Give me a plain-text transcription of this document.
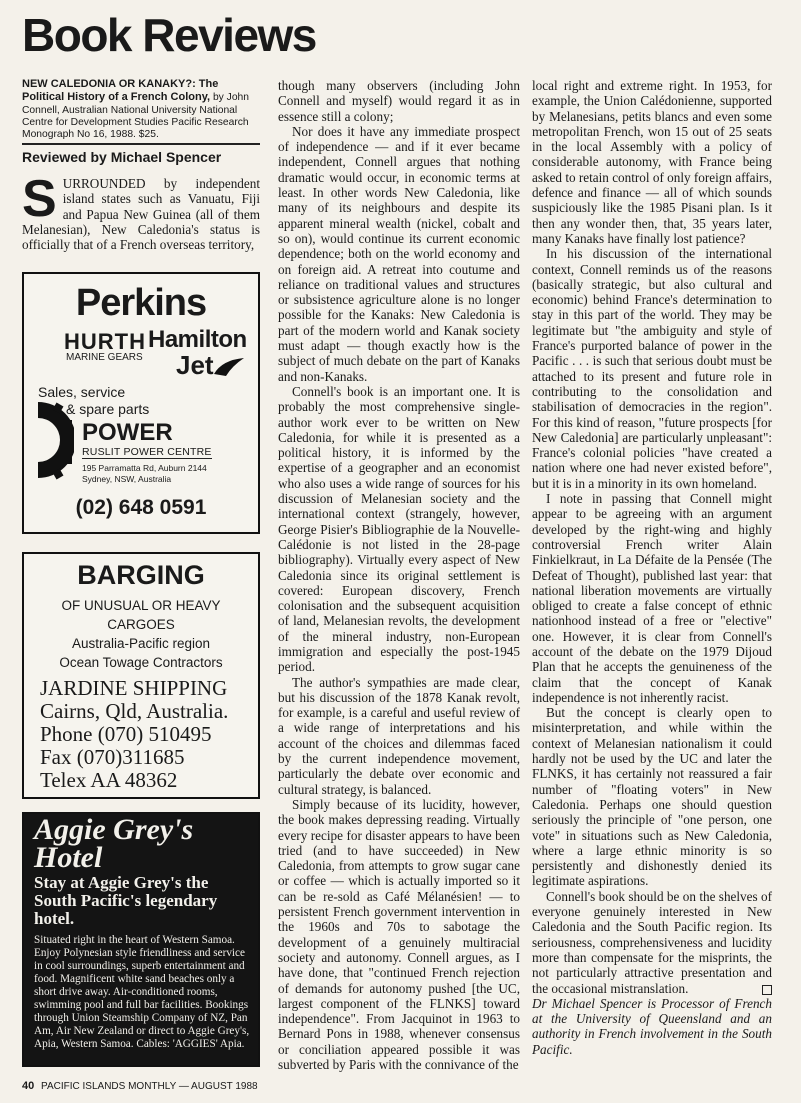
Book Reviews
NEW CALEDONIA OR KANAKY?: The Political History of a French Colony, by John Connell, Australian National University National Centre for Development Studies Pacific Research Monograph No 16, 1988. $25.
Reviewed by Michael Spencer
S URROUNDED by independent island states such as Vanuatu, Fiji and Papua New Guinea (all of them Melanesian), New Caledonia's status is officially that of a French overseas territory,
Perkins
HURTH
MARINE GEARS
Hamilton
Jet
Sales, service
& spare parts
POWER
RUSLIT POWER CENTRE
195 Parramatta Rd, Auburn 2144
Sydney, NSW, Australia
(02) 648 0591
BARGING
OF UNUSUAL OR HEAVY
CARGOES
Australia-Pacific region
Ocean Towage Contractors
JARDINE SHIPPING
Cairns, Qld, Australia.
Phone (070) 510495
Fax (070)311685
Telex AA 48362
Aggie Grey's
Hotel
Stay at Aggie Grey's the South Pacific's legendary hotel.
Situated right in the heart of Western Samoa. Enjoy Polynesian style friendliness and service in cool surroundings, superb entertainment and food. Magnificent white sand beaches only a short drive away. Air-conditioned rooms, swimming pool and full bar facilities. Bookings through Union Steamship Company of NZ, Pan Am, Air New Zealand or direct to Aggie Grey's, Apia, Western Samoa. Cables: 'AGGIES' Apia.

though many observers (including John Connell and myself) would regard it as in essence still a colony;

Nor does it have any immediate prospect of independence — and if it ever became independent, Connell argues that nothing dramatic would occur, in economic terms at least. In other words New Caledonia, like many of its neighbours and despite its apparent mineral wealth (nickel, cobalt and so on), would continue its current economic dependence; both on the world economy and on foreign aid. A retreat into coutume and reliance on traditional values and structures or subsistence agriculture alone is no longer possible for the Kanaks: New Caledonia is part of the modern world and Kanak society must adapt — though exactly how is the subject of much debate on the part of Kanaks and non-Kanaks.

Connell's book is an important one. It is probably the most comprehensive single-author work ever to be written on New Caledonia, for while it is presented as a political history, it is informed by the expertise of a geographer and an economist who also uses a wide range of sources for his discussion of Melanesian society and the international context (strangely, however, George Pisier's Bibliographie de la Nouvelle-Calédonie is not listed in the 28-page bibliography). Virtually every aspect of New Caledonia since its original settlement is covered: European discovery, French colonisation and the subsequent acquisition of land, Melanesian revolts, the development of the mineral industry, non-European immigration and especially the post-1945 period.

The author's sympathies are made clear, but his discussion of the 1878 Kanak revolt, for example, is a careful and useful review of a wide range of interpretations and his account of the choices and dilemmas faced by the current independence movement, particularly the debate over economic and cultural strategy, is balanced.

Simply because of its lucidity, however, the book makes depressing reading. Virtually every recipe for disaster appears to have been tried (and to have succeeded) in New Caledonia, from attempts to grow sugar cane or coffee — which is actually imported so it can be re-sold as Café Mélanésien! — to persistent French government intervention in the 1960s and 70s to sabotage the development of a genuinely multiracial society and autonomy. Connell argues, as I have done, that "continued French rejection of demands for autonomy pushed [the UC, largest component of the FLNKS] toward independence". From Jacquinot in 1963 to Bernard Pons in 1988, whenever consensus or conciliation appeared possible it was subverted by Paris with the connivance of the

local right and extreme right. In 1953, for example, the Union Calédonienne, supported by Melanesians, petits blancs and even some metropolitan French, won 15 out of 25 seats in the local Assembly with a policy of considerable autonomy, with France being asked to retain control of only foreign affairs, defence and finance — all of which sounds suspiciously like the 1985 Pisani plan. Is it then any wonder then, that, 35 years later, many Kanaks have finally lost patience?

In his discussion of the international context, Connell reminds us of the reasons (basically strategic, but also cultural and economic) behind France's determination to stay in this part of the world. They may be legitimate but "the ambiguity and style of France's purported balance of power in the Pacific . . . is such that serious doubt must be attached to its present and future role in contributing to the consolidation and stabilisation of democracies in the region". For this kind of reason, "future prospects [for New Caledonia] are particularly unpleasant": France's colonial policies "have created a nation where one had never existed before", but it is in a minority in its own homeland.

I note in passing that Connell might appear to be agreeing with an argument developed by the right-wing and highly controversial French writer Alain Finkielkraut, in La Défaite de la Pensée (The Defeat of Thought), published last year: that national liberation movements are virtually obliged to create a false concept of ethnic nationhood instead of a free or "elective" one. However, it is clear from Connell's account of the debate on the 1979 Dijoud Plan that he accepts the genuineness of the claim that the concept of Kanak independence is not inherently racist.

But the concept is clearly open to misinterpretation, and while within the context of Melanesian nationalism it could hardly not be used by the UC and later the FLNKS, it has certainly not reassured a fair number of "floating voters" in New Caledonia. Perhaps one should question seriously the principle of "one person, one vote" in situations such as New Caledonia, where a large ethnic minority is so persistently and dishonestly denied its legitimate aspirations.

Connell's book should be on the shelves of everyone genuinely interested in New Caledonia and the South Pacific region. Its seriousness, comprehensiveness and lucidity more than compensate for the misprints, the not particularly attractive presentation and the occasional mistranslation.

Dr Michael Spencer is Processor of French at the University of Queensland and an authority in French involvement in the South Pacific.

40 PACIFIC ISLANDS MONTHLY — AUGUST 1988
